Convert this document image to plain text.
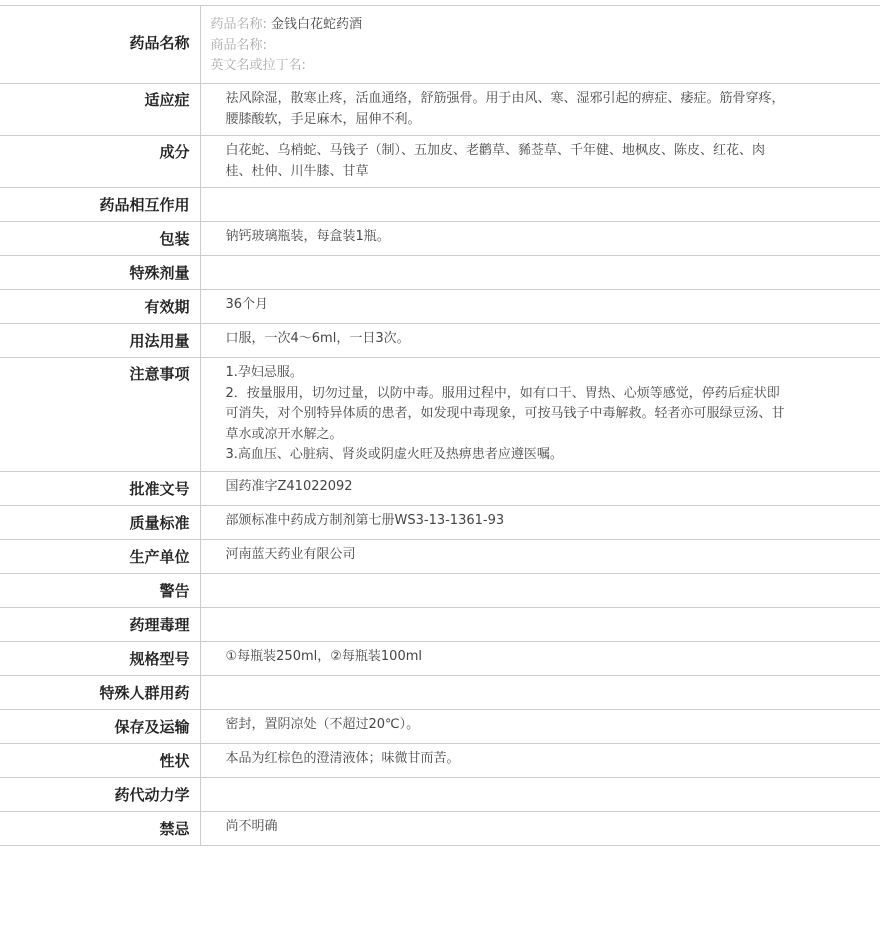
药品名称	药品名称: 金钱白花蛇药酒
商品名称:
英文名或拉丁名:

适应症	祛风除湿，散寒止疼，活血通络，舒筋强骨。用于由风、寒、湿邪引起的痹症、痿症。筋骨穿疼，腰膝酸软，手足麻木，屈伸不利。
成分	白花蛇、乌梢蛇、马钱子（制）、五加皮、老鹳草、豨莶草、千年健、地枫皮、陈皮、红花、肉桂、杜仲、川牛膝、甘草
药品相互作用	
包装	钠钙玻璃瓶装，每盒装1瓶。
特殊剂量	
有效期	36个月
用法用量	口服，一次4～6ml，一日3次。
注意事项	1.孕妇忌服。
2．按量服用，切勿过量，以防中毒。服用过程中，如有口干、胃热、心烦等感觉，停药后症状即可消失，对个别特异体质的患者，如发现中毒现象，可按马钱子中毒解救。轻者亦可服绿豆汤、甘草水或凉开水解之。
3.高血压、心脏病、肾炎或阴虚火旺及热痹患者应遵医嘱。

批准文号	国药准字Z41022092
质量标准	部颁标准中药成方制剂第七册WS3-13-1361-93
生产单位	河南蓝天药业有限公司
警告	
药理毒理	
规格型号	①每瓶装250ml，②每瓶装100ml
特殊人群用药	
保存及运输	密封，置阴凉处（不超过20℃）。
性状	本品为红棕色的澄清液体；味微甘而苦。
药代动力学	
禁忌	尚不明确
